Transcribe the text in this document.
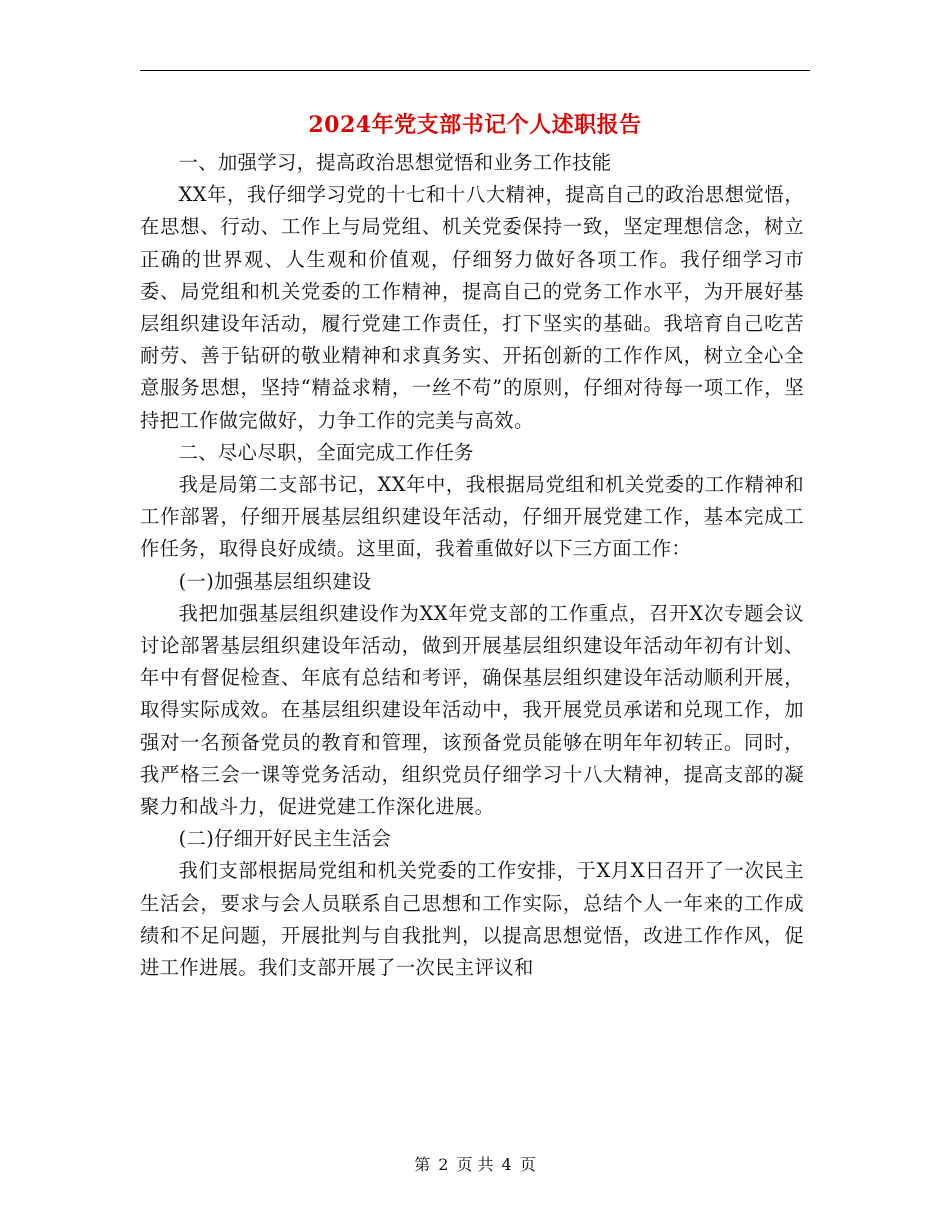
2024年党支部书记个人述职报告

一、加强学习，提高政治思想觉悟和业务工作技能

XX年，我仔细学习党的十七和十八大精神，提高自己的政治思想觉悟，在思想、行动、工作上与局党组、机关党委保持一致，坚定理想信念，树立正确的世界观、人生观和价值观，仔细努力做好各项工作。我仔细学习市委、局党组和机关党委的工作精神，提高自己的党务工作水平，为开展好基层组织建设年活动，履行党建工作责任，打下坚实的基础。我培育自己吃苦耐劳、善于钻研的敬业精神和求真务实、开拓创新的工作作风，树立全心全意服务思想，坚持“精益求精，一丝不苟”的原则，仔细对待每一项工作，坚持把工作做完做好，力争工作的完美与高效。

二、尽心尽职，全面完成工作任务

我是局第二支部书记，XX年中，我根据局党组和机关党委的工作精神和工作部署，仔细开展基层组织建设年活动，仔细开展党建工作，基本完成工作任务，取得良好成绩。这里面，我着重做好以下三方面工作：

(一)加强基层组织建设

我把加强基层组织建设作为XX年党支部的工作重点，召开X次专题会议讨论部署基层组织建设年活动，做到开展基层组织建设年活动年初有计划、年中有督促检查、年底有总结和考评，确保基层组织建设年活动顺利开展，取得实际成效。在基层组织建设年活动中，我开展党员承诺和兑现工作，加强对一名预备党员的教育和管理，该预备党员能够在明年年初转正。同时，我严格三会一课等党务活动，组织党员仔细学习十八大精神，提高支部的凝聚力和战斗力，促进党建工作深化进展。

(二)仔细开好民主生活会

我们支部根据局党组和机关党委的工作安排，于X月X日召开了一次民主生活会，要求与会人员联系自己思想和工作实际，总结个人一年来的工作成绩和不足问题，开展批判与自我批判，以提高思想觉悟，改进工作作风，促进工作进展。我们支部开展了一次民主评议和

第 2 页 共 4 页
